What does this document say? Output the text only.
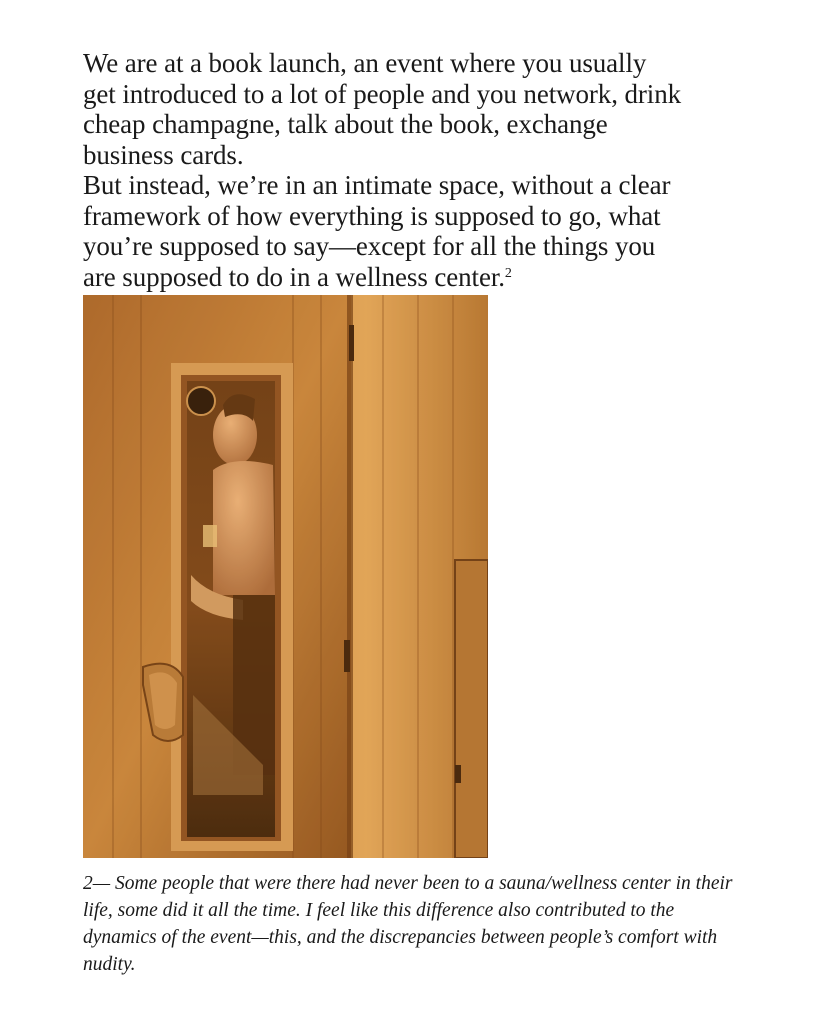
We are at a book launch, an event where you usually get introduced to a lot of people and you network, drink cheap champagne, talk about the book, exchange business cards.

But instead, we’re in an intimate space, without a clear framework of how everything is supposed to go, what you’re supposed to say—except for all the things you are supposed to do in a wellness center.$^2$

2— Some people that were there had never been to a sauna/wellness center in their life, some did it all the time. I feel like this difference also contributed to the dynamics of the event—this, and the discrepancies between people’s comfort with nudity.
